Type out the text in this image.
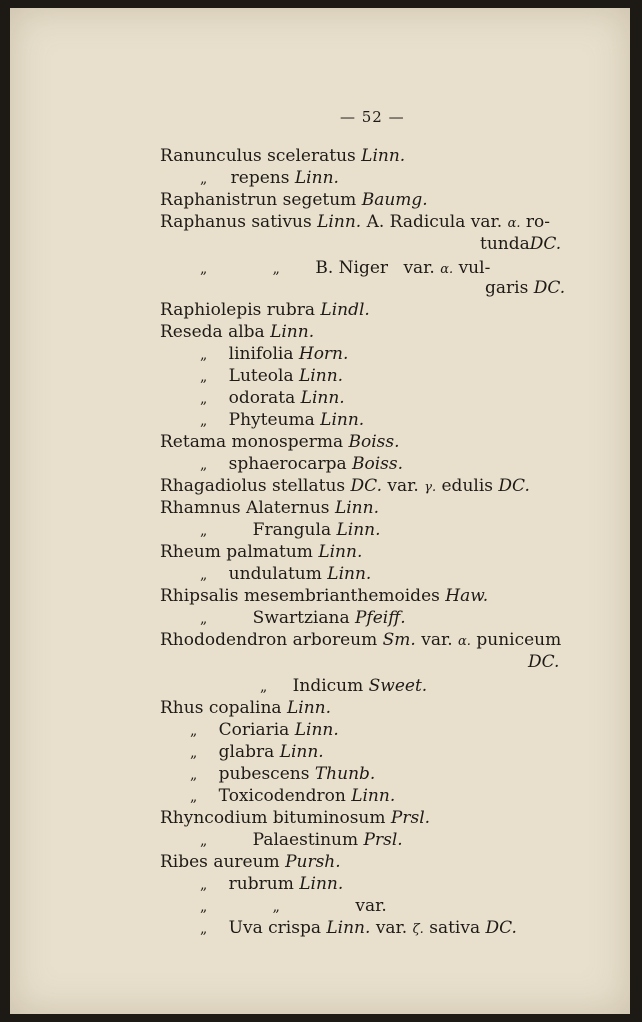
— 52 —
Ranunculus sceleratus Linn.
„ repens Linn.
Raphanistrun segetum Baumg.
Raphanus sativus Linn. A. Radicula var. α. ro-
tundaDC.
„	„ B. Niger var. α. vul-
garis DC.
Raphiolepis rubra Lindl.
Reseda alba Linn.
„ linifolia Horn.
„ Luteola Linn.
„ odorata Linn.
„ Phyteuma Linn.
Retama monosperma Boiss.
„ sphaerocarpa Boiss.
Rhagadiolus stellatus DC. var. γ. edulis DC.
Rhamnus Alaternus Linn.
„	Frangula Linn.
Rheum palmatum Linn.
„ undulatum Linn.
Rhipsalis mesembrianthemoides Haw.
„	Swartziana Pfeiff.
Rhododendron arboreum Sm. var. α. puniceum
DC.
„ Indicum Sweet.
Rhus copalina Linn.
„ Coriaria Linn.
„ glabra Linn.
„ pubescens Thunb.
„ Toxicodendron Linn.
Rhyncodium bituminosum Prsl.
„	Palaestinum Prsl.
Ribes aureum Pursh.
„ rubrum Linn.
„	„	var.
„ Uva crispa Linn. var. ζ. sativa DC.
